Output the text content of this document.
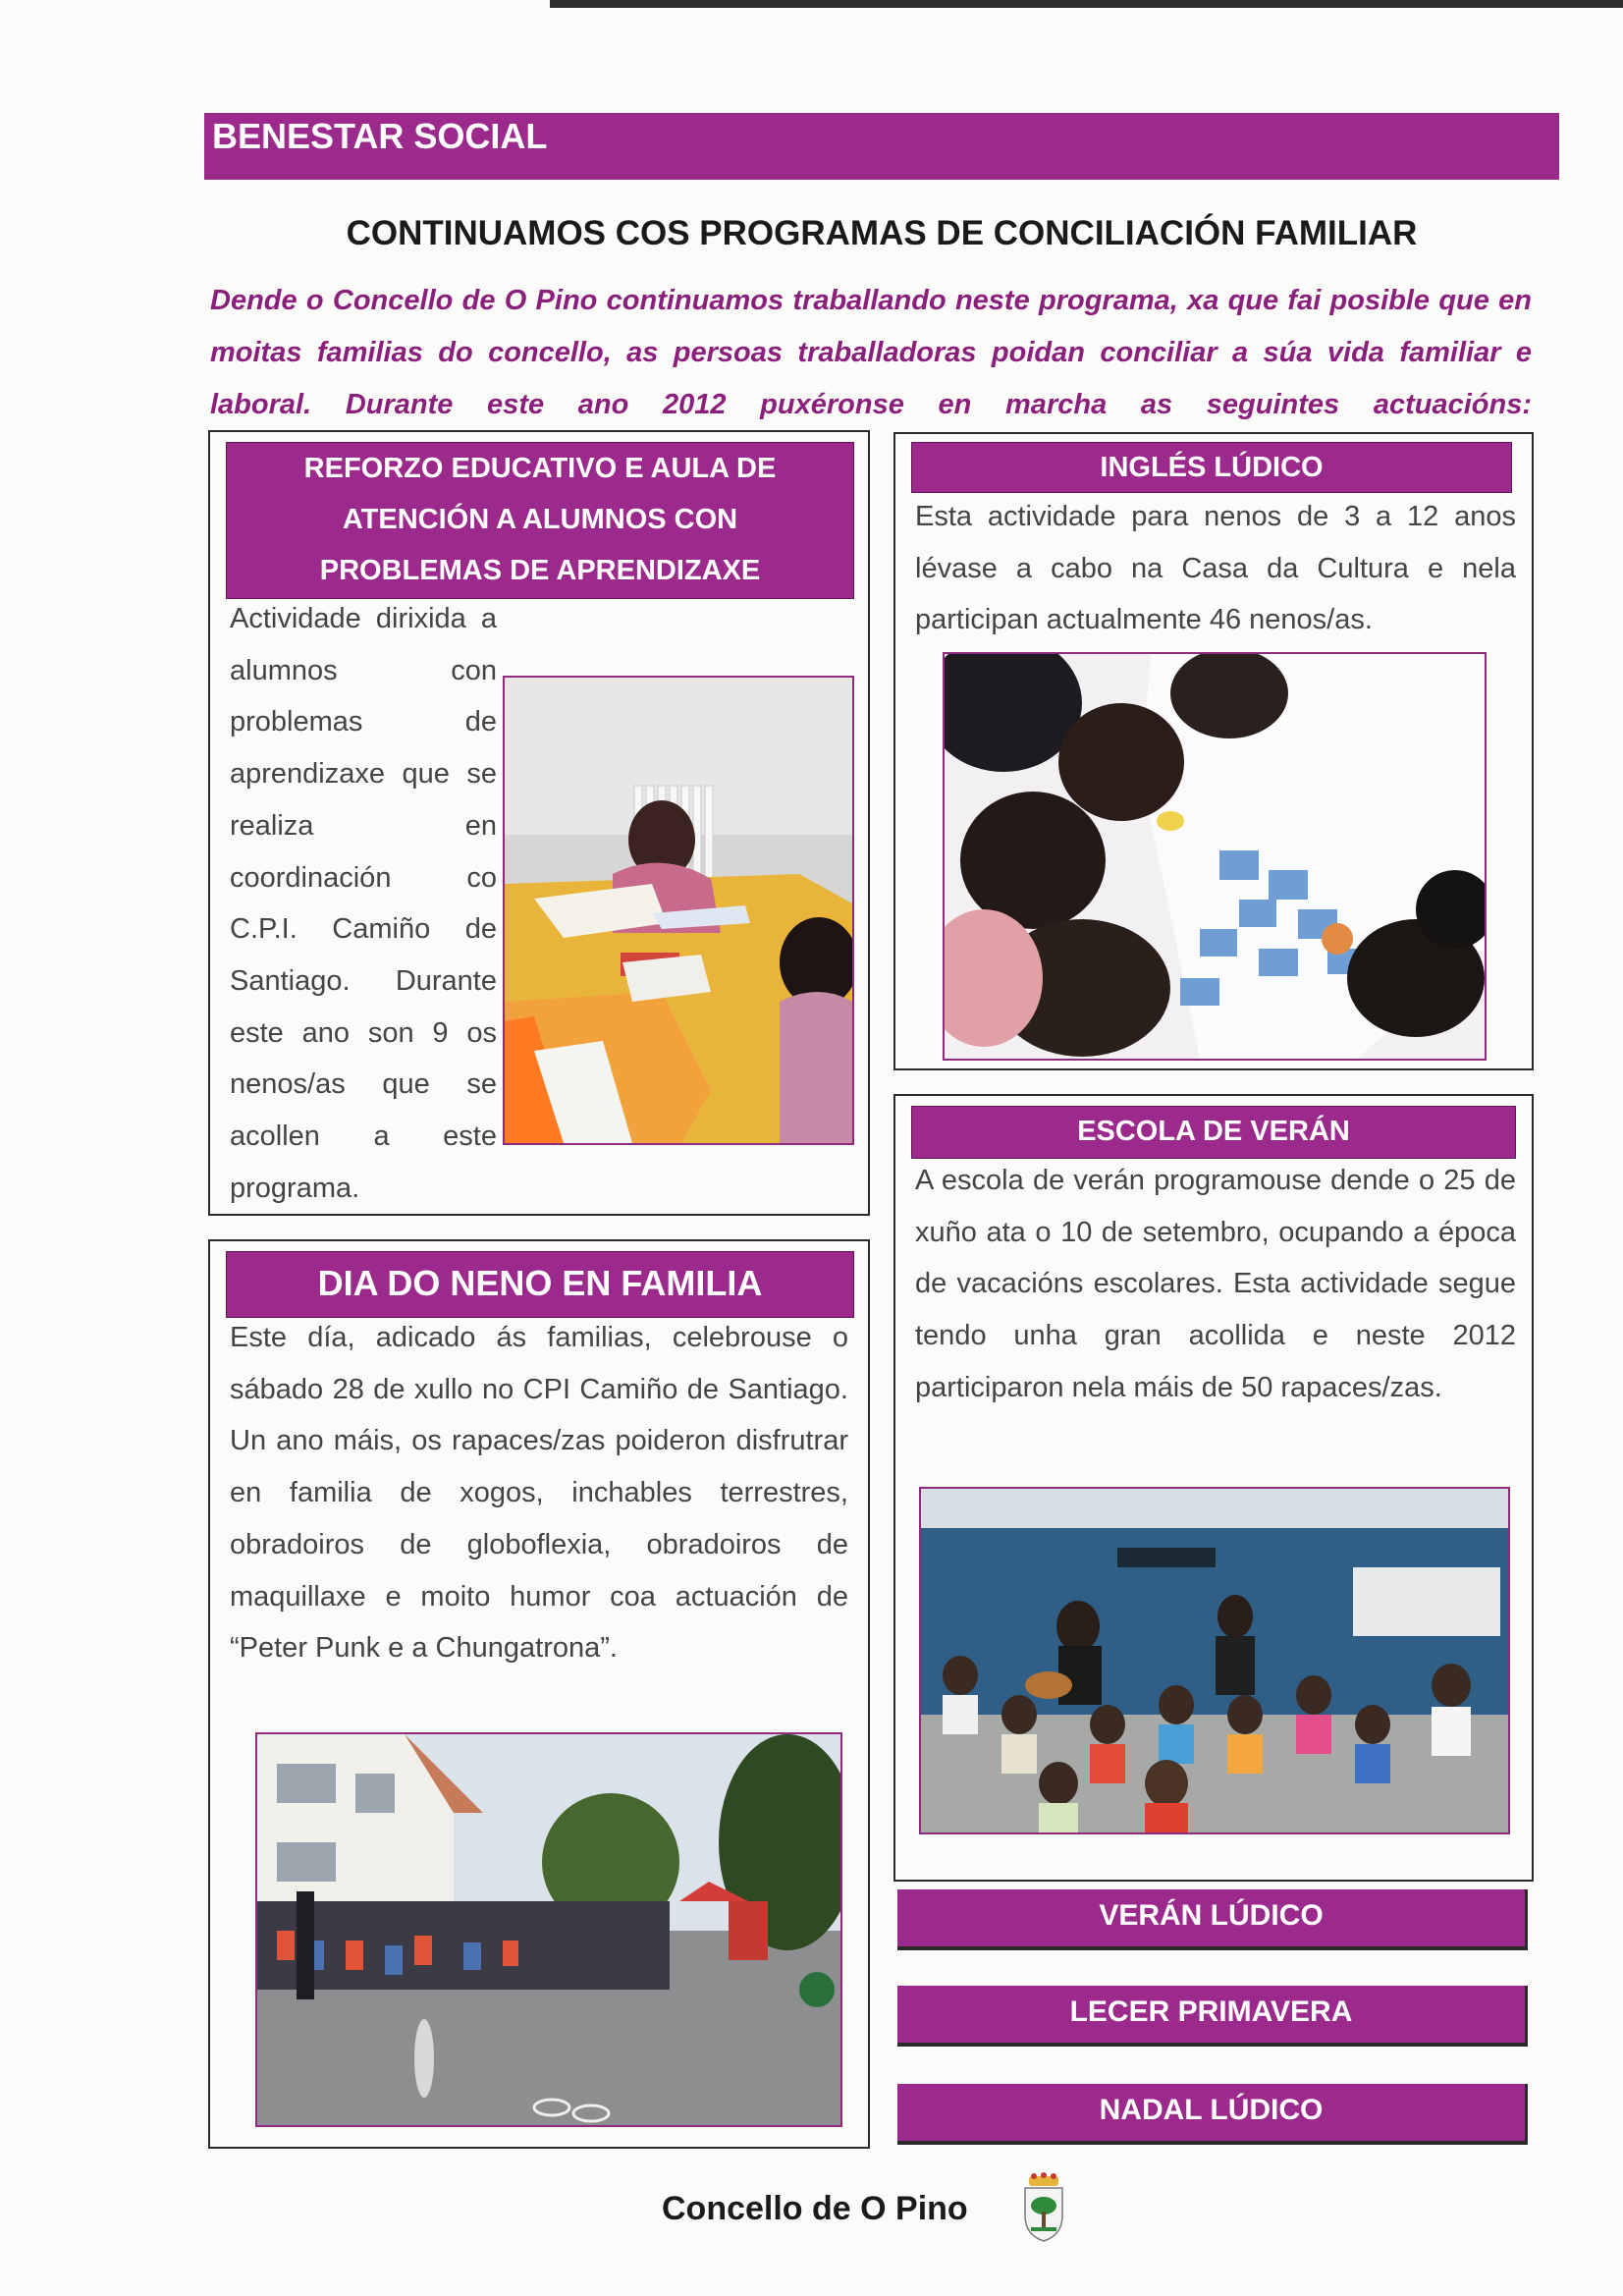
BENESTAR SOCIAL
CONTINUAMOS COS PROGRAMAS DE CONCILIACIÓN FAMILIAR
Dende o Concello de O Pino continuamos traballando neste programa, xa que fai posible que en moitas familias do concello, as persoas traballadoras poidan conciliar a súa vida familiar e laboral. Durante este ano 2012 puxéronse en marcha as seguintes actuacións:
REFORZO EDUCATIVO E AULA DE ATENCIÓN A ALUMNOS CON PROBLEMAS DE APRENDIZAXE
Actividade dirixida a alumnos con problemas de aprendizaxe que se realiza en coordinación co C.P.I. Camiño de Santiago. Durante este ano son 9 os nenos/as que se acollen a este programa.
INGLÉS LÚDICO
Esta actividade para nenos de 3 a 12 anos lévase a cabo na Casa da Cultura e nela participan actualmente 46 nenos/as.
DIA DO NENO EN FAMILIA
Este día, adicado ás familias, celebrouse o sábado 28 de xullo no CPI Camiño de Santiago. Un ano máis, os rapaces/zas poideron disfrutrar en familia de xogos, inchables terrestres, obradoiros de globoflexia, obradoiros de maquillaxe e moito humor coa actuación de “Peter Punk e a Chungatrona”.
ESCOLA DE VERÁN
A escola de verán programouse dende o 25 de xuño ata o 10 de setembro, ocupando a época de vacacións escolares. Esta actividade segue tendo unha gran acollida e neste 2012 participaron nela máis de 50 rapaces/zas.
VERÁN LÚDICO
LECER PRIMAVERA
NADAL LÚDICO
Concello de O Pino
